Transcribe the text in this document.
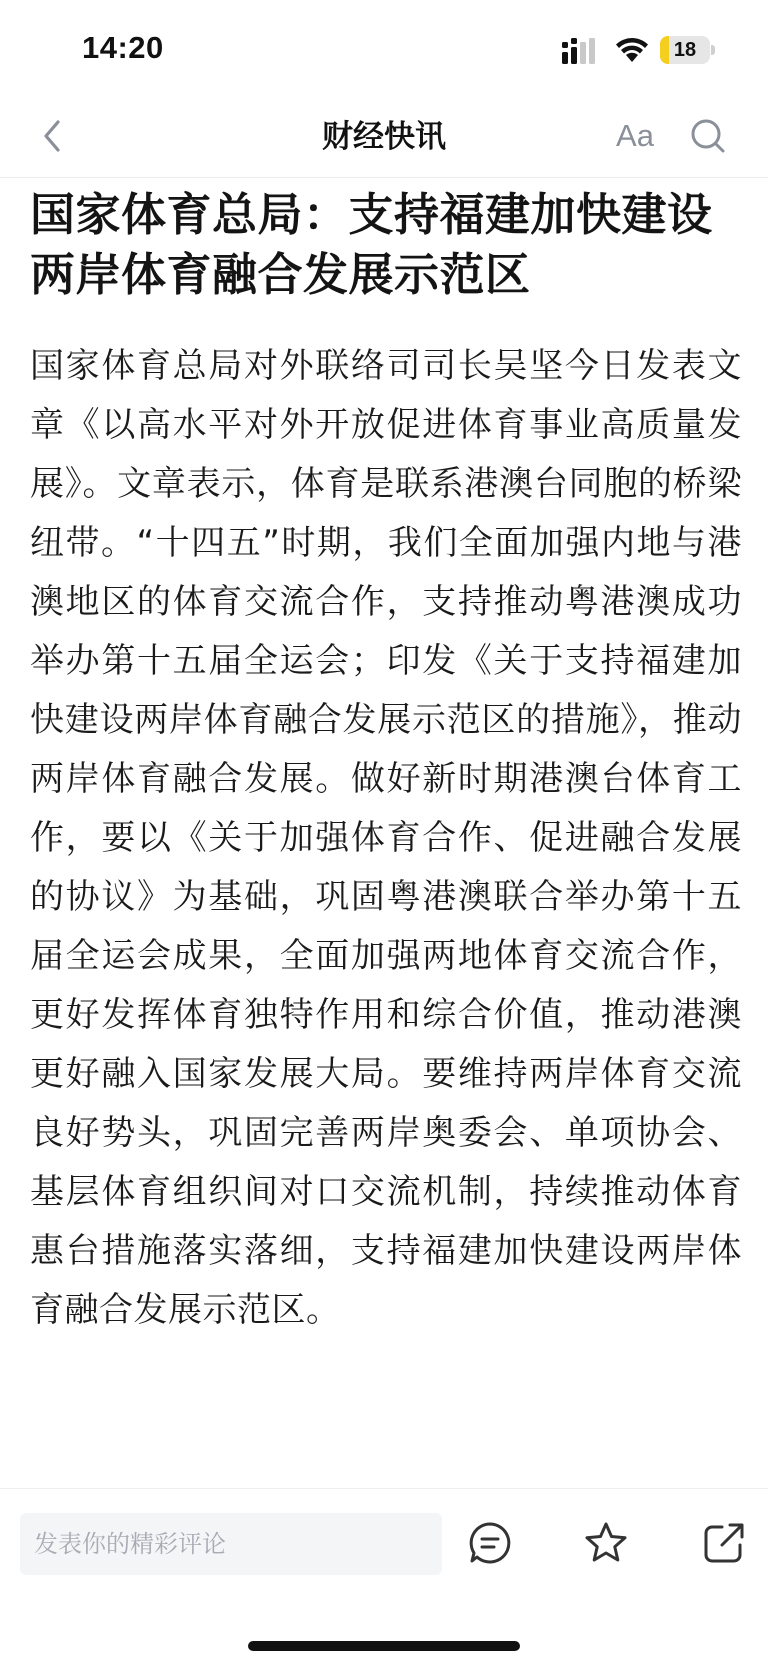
14:20	18
财经快讯	Aa
国家体育总局：支持福建加快建设两岸体育融合发展示范区

国家体育总局对外联络司司长吴坚今日发表文章《以高水平对外开放促进体育事业高质量发展》。文章表示，体育是联系港澳台同胞的桥梁纽带。“十四五”时期，我们全面加强内地与港澳地区的体育交流合作，支持推动粤港澳成功举办第十五届全运会；印发《关于支持福建加快建设两岸体育融合发展示范区的措施》，推动两岸体育融合发展。做好新时期港澳台体育工作，要以《关于加强体育合作、促进融合发展的协议》为基础，巩固粤港澳联合举办第十五届全运会成果，全面加强两地体育交流合作，更好发挥体育独特作用和综合价值，推动港澳更好融入国家发展大局。要维持两岸体育交流良好势头，巩固完善两岸奥委会、单项协会、基层体育组织间对口交流机制，持续推动体育惠台措施落实落细，支持福建加快建设两岸体育融合发展示范区。

发表你的精彩评论
